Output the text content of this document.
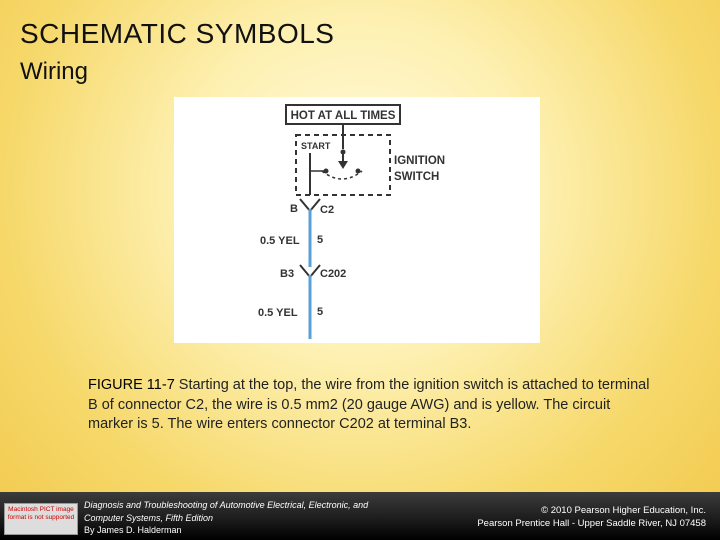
SCHEMATIC SYMBOLS
Wiring
HOT AT ALL TIMES
START
IGNITION
SWITCH
B C2
0.5 YEL 5
B3 C202
0.5 YEL 5
FIGURE 11-7 Starting at the top, the wire from the ignition switch is attached to terminal B of connector C2, the wire is 0.5 mm2 (20 gauge AWG) and is yellow. The circuit marker is 5. The wire enters connector C202 at terminal B3.
Diagnosis and Troubleshooting of Automotive Electrical, Electronic, and Computer Systems, Fifth Edition
By James D. Halderman
© 2010 Pearson Higher Education, Inc.
Pearson Prentice Hall - Upper Saddle River, NJ 07458
Macintosh PICT image format is not supported
